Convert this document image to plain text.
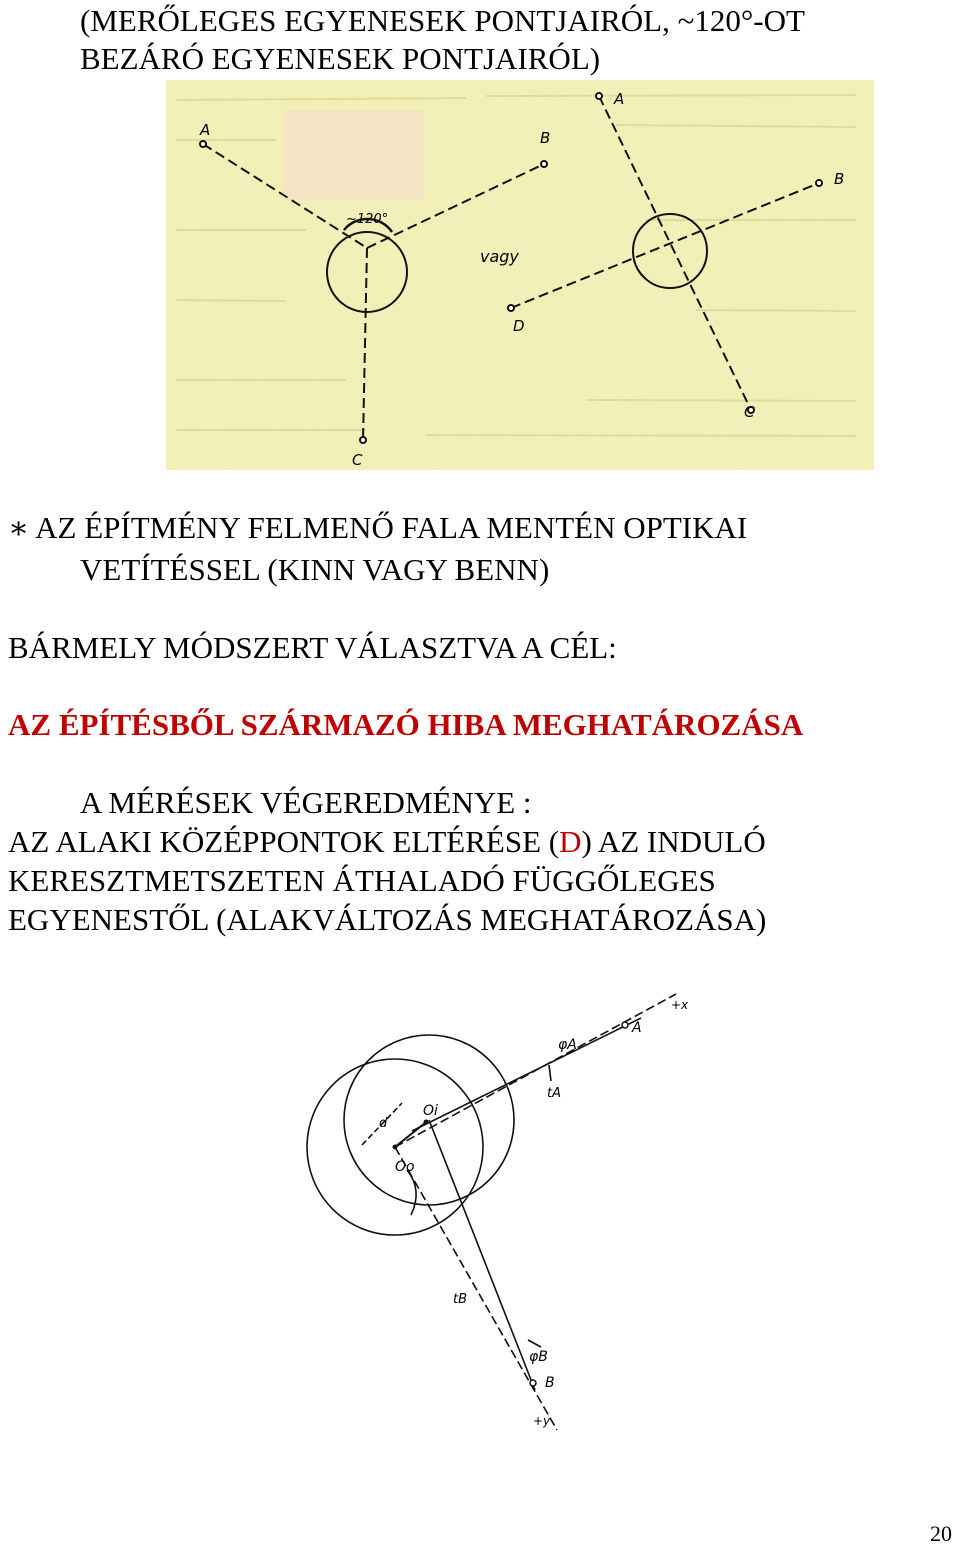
(MERŐLEGES EGYENESEK PONTJAIRÓL, ~120°-OT
BEZÁRÓ EGYENESEK PONTJAIRÓL)
A	B
C
~120°
vagy
A
B
C
D
∗ AZ ÉPÍTMÉNY FELMENŐ FALA MENTÉN OPTIKAI
VETÍTÉSSEL (KINN VAGY BENN)
BÁRMELY MÓDSZERT VÁLASZTVA A CÉL:
AZ ÉPÍTÉSBŐL SZÁRMAZÓ HIBA MEGHATÁROZÁSA
A MÉRÉSEK VÉGEREDMÉNYE :
AZ ALAKI KÖZÉPPONTOK ELTÉRÉSE (D) AZ INDULÓ
KERESZTMETSZETEN ÁTHALADÓ FÜGGŐLEGES
EGYENESTŐL (ALAKVÁLTOZÁS MEGHATÁROZÁSA)
+x
A
φA
tA
Oi
Oo
d
tB
φB
B
+y
20
